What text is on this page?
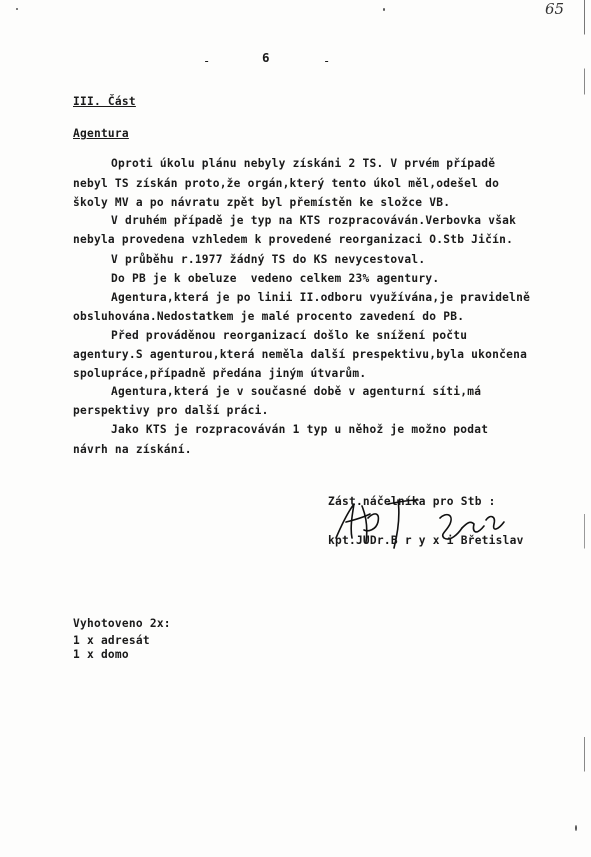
65
-	6	-
III. Část
Agentura
Oproti úkolu plánu nebyly získáni 2 TS. V prvém případě
nebyl TS získán proto,že orgán,který tento úkol měl,odešel do
školy MV a po návratu zpět byl přemístěn ke složce VB.
V druhém případě je typ na KTS rozpracováván.Verbovka však
nebyla provedena vzhledem k provedené reorganizaci O.Stb Jičín.
V průběhu r.1977 žádný TS do KS nevycestoval.
Do PB je k obeluze  vedeno celkem 23% agentury.
Agentura,která je po linii II.odboru využívána,je pravidelně
obsluhována.Nedostatkem je malé procento zavedení do PB.
Před prováděnou reorganizací došlo ke snížení počtu
agentury.S agenturou,která neměla další prespektivu,byla ukončena
spolupráce,případně předána jiným útvarům.
Agentura,která je v současné době v agenturní síti,má
perspektivy pro další práci.
Jako KTS je rozpracováván 1 typ u něhož je možno podat
návrh na získání.
Zást.náčelníka pro Stb :
kpt.JUDr.B r y x i Břetislav
Vyhotoveno 2x:
1 x adresát
1 x domo
